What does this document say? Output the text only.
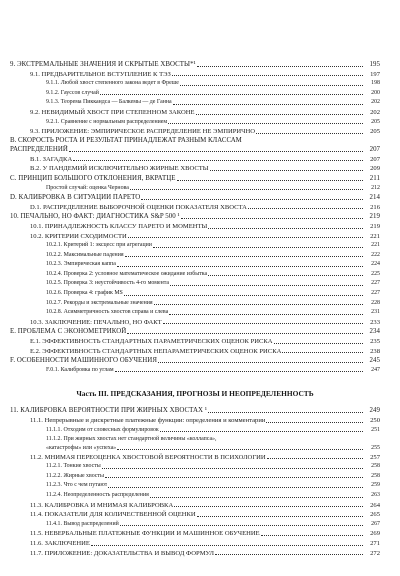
9. ЭКСТРЕМАЛЬНЫЕ ЗНАЧЕНИЯ И СКРЫТЫЕ ХВОСТЫ*¹	195
9.1. ПРЕДВАРИТЕЛЬНОЕ ВСТУПЛЕНИЕ К ТЭЗ	197
9.1.1. Любой хвост степенного закона ведет в Фреше	198
9.1.2. Гауссов случай	200
9.1.3. Теорема Пиккандса — Балкемы — де Ганна	202
9.2. НЕВИДИМЫЙ ХВОСТ ПРИ СТЕПЕННОМ ЗАКОНЕ	202
9.2.1. Сравнение с нормальным распределением	205
9.3. ПРИЛОЖЕНИЕ: ЭМПИРИЧЕСКОЕ РАСПРЕДЕЛЕНИЕ НЕ ЭМПИРИЧНО	205
B. СКОРОСТЬ РОСТА И РЕЗУЛЬТАТ ПРИНАДЛЕЖАТ РАЗНЫМ КЛАССАМ
РАСПРЕДЕЛЕНИЙ	207
B.1. ЗАГАДКА	207
B.2. У ПАНДЕМИЙ ИСКЛЮЧИТЕЛЬНО ЖИРНЫЕ ХВОСТЫ	209
C. ПРИНЦИП БОЛЬШОГО ОТКЛОНЕНИЯ, ВКРАТЦЕ	211
Простой случай: оценка Чернова	212
D. КАЛИБРОВКА В СИТУАЦИИ ПАРЕТО	214
D.1. РАСПРЕДЕЛЕНИЕ ВЫБОРОЧНОЙ ОЦЕНКИ ПОКАЗАТЕЛЯ ХВОСТА	216
10. ПЕЧАЛЬНО, НО ФАКТ: ДИАГНОСТИКА S&P 500 ¹	219
10.1. ПРИНАДЛЕЖНОСТЬ КЛАССУ ПАРЕТО И МОМЕНТЫ	219
10.2. КРИТЕРИИ СХОДИМОСТИ	221
10.2.1. Критерий 1: эксцесс при агрегации	221
10.2.2. Максимальные падения	222
10.2.3. Эмпирическая каппа	224
10.2.4. Проверка 2: условное математическое ожидание избытка	225
10.2.5. Проверка 3: неустойчивость 4-го момента	227
10.2.6. Проверка 4: график MS	227
10.2.7. Рекорды и экстремальные значения	228
10.2.8. Асимметричность хвостов справа и слева	231
10.3. ЗАКЛЮЧЕНИЕ: ПЕЧАЛЬНО, НО ФАКТ	233
E. ПРОБЛЕМА С ЭКОНОМЕТРИКОЙ	234
E.1. ЭФФЕКТИВНОСТЬ СТАНДАРТНЫХ ПАРАМЕТРИЧЕСКИХ ОЦЕНОК РИСКА	235
E.2. ЭФФЕКТИВНОСТЬ СТАНДАРТНЫХ НЕПАРАМЕТРИЧЕСКИХ ОЦЕНОК РИСКА	238
F. ОСОБЕННОСТИ МАШИННОГО ОБУЧЕНИЯ	245
F.0.1. Калибровка по углам	247
Часть III. ПРЕДСКАЗАНИЯ, ПРОГНОЗЫ И НЕОПРЕДЕЛЕННОСТЬ
11. КАЛИБРОВКА ВЕРОЯТНОСТИ ПРИ ЖИРНЫХ ХВОСТАХ ¹	249
11.1. Непрерывные и дискретные платежные функции: определения и комментарии	250
11.1.1. Отходим от словесных формулировок	251
11.1.2. При жирных хвостах нет стандартной величины «коллапса»,
«катастрофы» или «успеха»	255
11.2. МНИМАЯ ПЕРЕОЦЕНКА ХВОСТОВОЙ ВЕРОЯТНОСТИ В ПСИХОЛОГИИ	257
11.2.1. Тонкие хвосты	258
11.2.2. Жирные хвосты	258
11.2.3. Что с чем путают	259
11.2.4. Неопределенность распределения	263
11.3. КАЛИБРОВКА И МНИМАЯ КАЛИБРОВКА	264
11.4. ПОКАЗАТЕЛИ ДЛЯ КОЛИЧЕСТВЕННОЙ ОЦЕНКИ	265
11.4.1. Вывод распределений	267
11.5. НЕВЕРБАЛЬНЫЕ ПЛАТЕЖНЫЕ ФУНКЦИИ И МАШИННОЕ ОБУЧЕНИЕ	269
11.6. ЗАКЛЮЧЕНИЕ	271
11.7. ПРИЛОЖЕНИЕ: ДОКАЗАТЕЛЬСТВА И ВЫВОД ФОРМУЛ	272
